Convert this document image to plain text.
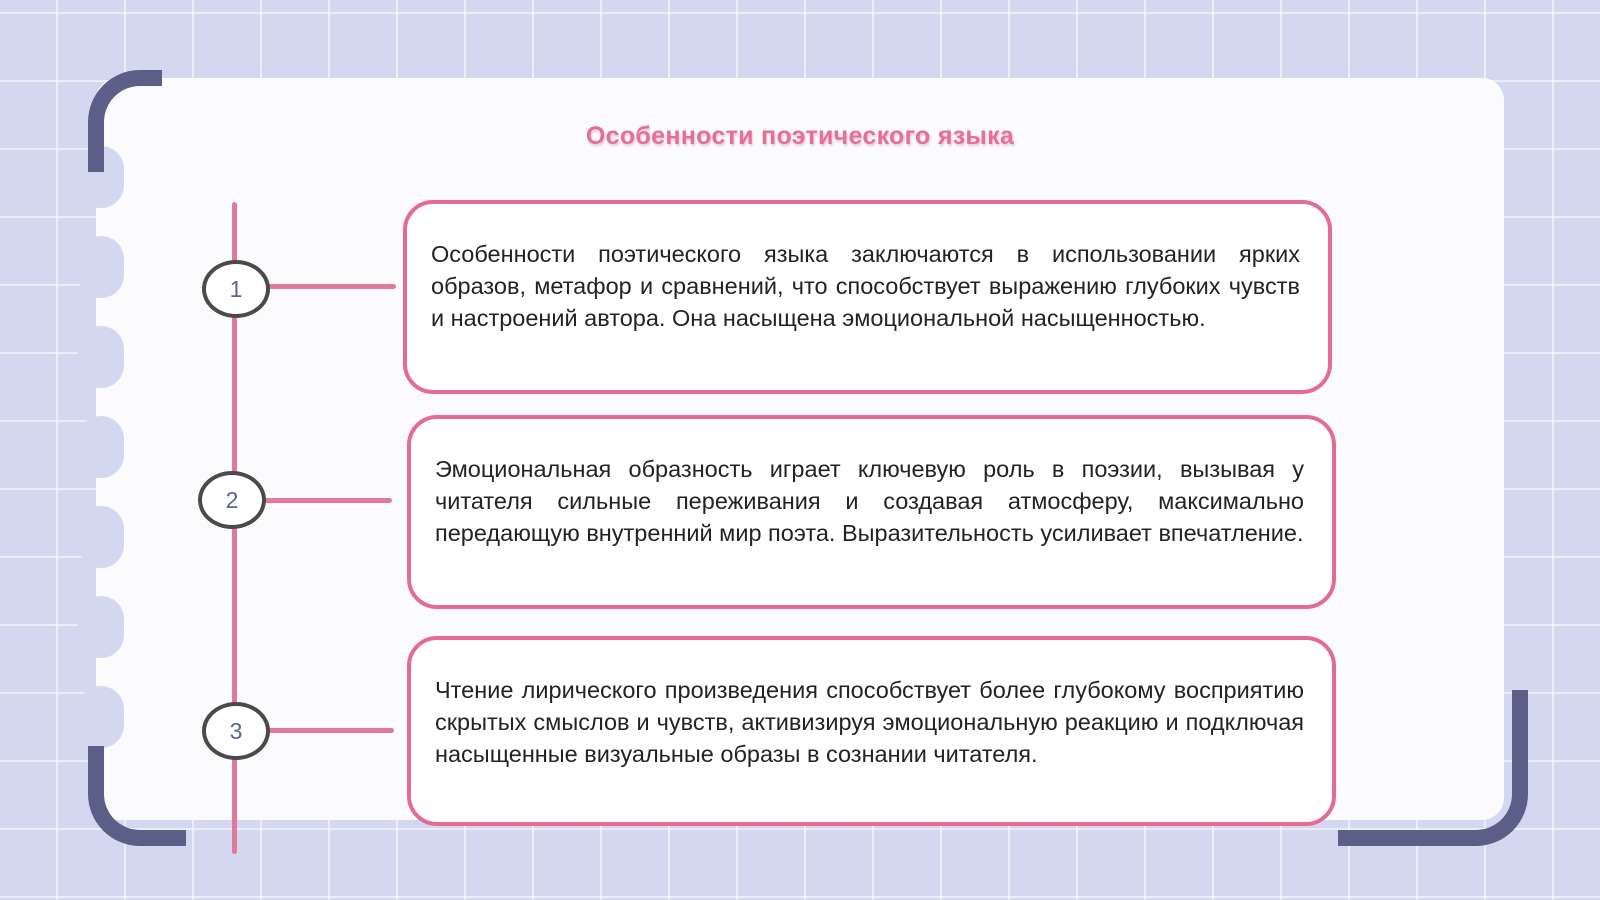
Особенности поэтического языка
1
2
3
Особенности поэтического языка заключаются в использовании ярких образов, метафор и сравнений, что способствует выражению глубоких чувств и настроений автора. Она насыщена эмоциональной насыщенностью.
Эмоциональная образность играет ключевую роль в поэзии, вызывая у читателя сильные переживания и создавая атмосферу, максимально передающую внутренний мир поэта. Выразительность усиливает впечатление.
Чтение лирического произведения способствует более глубокому восприятию скрытых смыслов и чувств, активизируя эмоциональную реакцию и подключая насыщенные визуальные образы в сознании читателя.
